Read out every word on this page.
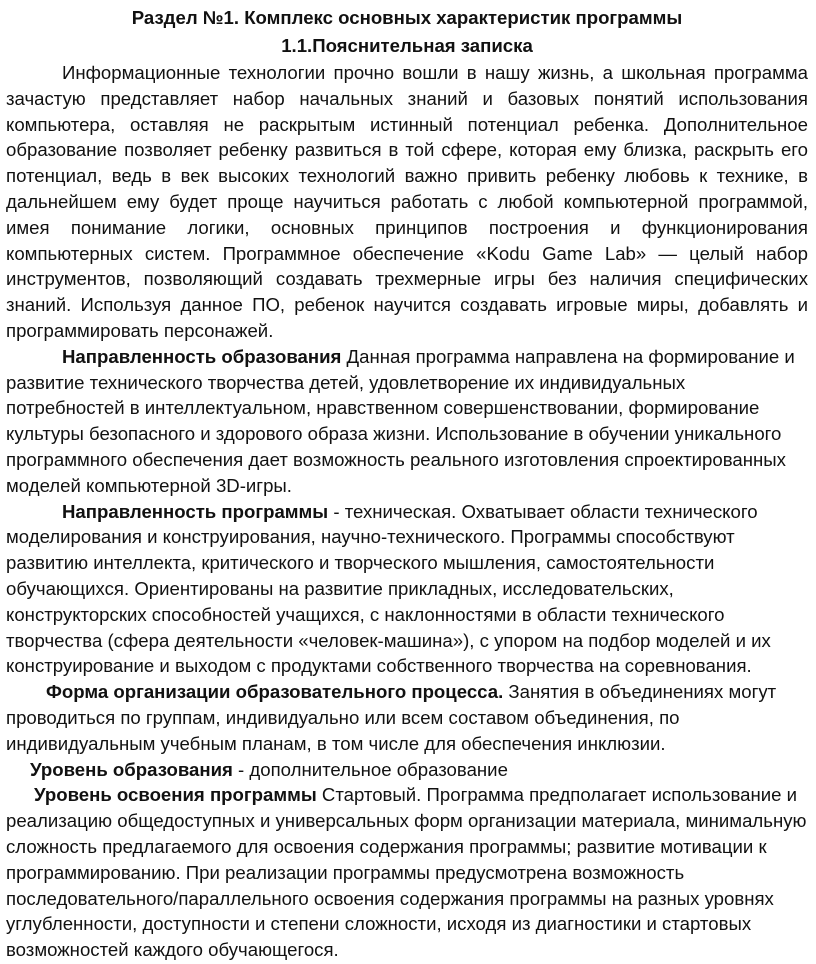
Раздел №1. Комплекс основных характеристик программы
1.1.Пояснительная записка

Информационные технологии прочно вошли в нашу жизнь, а школьная программа зачастую представляет набор начальных знаний и базовых понятий использования компьютера, оставляя не раскрытым истинный потенциал ребенка. Дополнительное образование позволяет ребенку развиться в той сфере, которая ему близка, раскрыть его потенциал, ведь в век высоких технологий важно привить ребенку любовь к технике, в дальнейшем ему будет проще научиться работать с любой компьютерной программой, имея понимание логики, основных принципов построения и функционирования компьютерных систем. Программное обеспечение «Kodu Game Lab» — целый набор инструментов, позволяющий создавать трехмерные игры без наличия специфических знаний. Используя данное ПО, ребенок научится создавать игровые миры, добавлять и программировать персонажей.

Направленность образования Данная программа направлена на формирование и развитие технического творчества детей, удовлетворение их индивидуальных потребностей в интеллектуальном, нравственном совершенствовании, формирование культуры безопасного и здорового образа жизни. Использование в обучении уникального программного обеспечения дает возможность реального изготовления спроектированных моделей компьютерной 3D-игры.

Направленность программы - техническая. Охватывает области технического моделирования и конструирования, научно-технического. Программы способствуют развитию интеллекта, критического и творческого мышления, самостоятельности обучающихся. Ориентированы на развитие прикладных, исследовательских, конструкторских способностей учащихся, с наклонностями в области технического творчества (сфера деятельности «человек-машина»), с упором на подбор моделей и их конструирование и выходом с продуктами собственного творчества на соревнования.

Форма организации образовательного процесса. Занятия в объединениях могут проводиться по группам, индивидуально или всем составом объединения, по индивидуальным учебным планам, в том числе для обеспечения инклюзии.

Уровень образования - дополнительное образование

Уровень освоения программы Стартовый. Программа предполагает использование и реализацию общедоступных и универсальных форм организации материала, минимальную сложность предлагаемого для освоения содержания программы; развитие мотивации к программированию. При реализации программы предусмотрена возможность последовательного/параллельного освоения содержания программы на разных уровнях углубленности, доступности и степени сложности, исходя из диагностики и стартовых возможностей каждого обучающегося.
